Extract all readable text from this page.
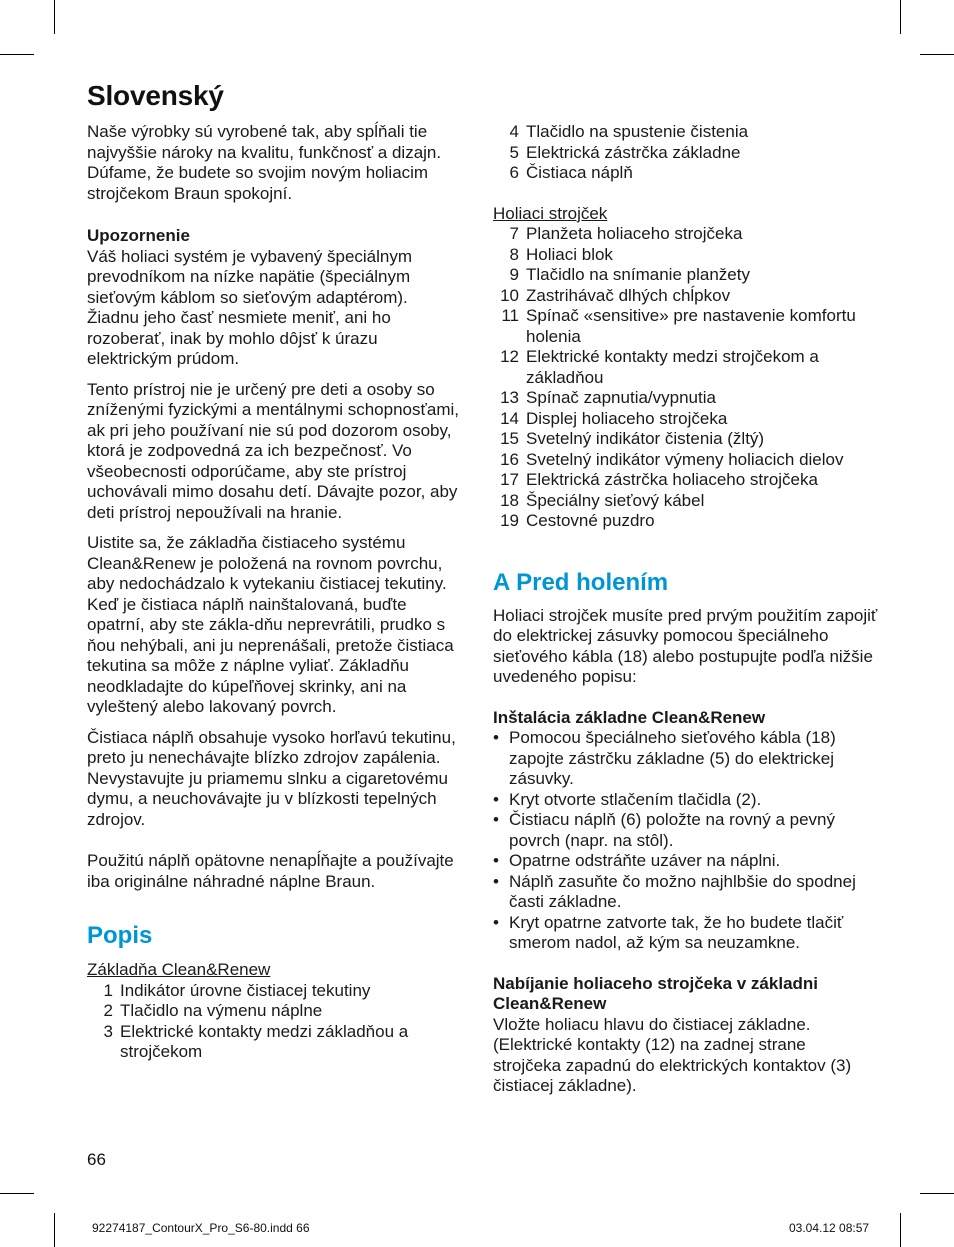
Slovenský

Naše výrobky sú vyrobené tak, aby spĺňali tie najvyššie nároky na kvalitu, funkčnosť a dizajn. Dúfame, že budete so svojim novým holiacim strojčekom Braun spokojní.

Upozornenie

Váš holiaci systém je vybavený špeciálnym prevodníkom na nízke napätie (špeciálnym sieťovým káblom so sieťovým adaptérom). Žiadnu jeho časť nesmiete meniť, ani ho rozoberať, inak by mohlo dôjsť k úrazu elektrickým prúdom.

Tento prístroj nie je určený pre deti a osoby so zníženými fyzickými a mentálnymi schopnosťami, ak pri jeho používaní nie sú pod dozorom osoby, ktorá je zodpovedná za ich bezpečnosť. Vo všeobecnosti odporúčame, aby ste prístroj uchovávali mimo dosahu detí. Dávajte pozor, aby deti prístroj nepoužívali na hranie.

Uistite sa, že základňa čistiaceho systému Clean&Renew je položená na rovnom povrchu, aby nedochádzalo k vytekaniu čistiacej tekutiny. Keď je čistiaca náplň nainštalovaná, buďte opatrní, aby ste zákla-dňu neprevrátili, prudko s ňou nehýbali, ani ju neprenášali, pretože čistiaca tekutina sa môže z náplne vyliať. Základňu neodkladajte do kúpeľňovej skrinky, ani na vyleštený alebo lakovaný povrch.

Čistiaca náplň obsahuje vysoko horľavú tekutinu, preto ju nenechávajte blízko zdrojov zapálenia. Nevystavujte ju priamemu slnku a cigaretovému dymu, a neuchovávajte ju v blízkosti tepelných zdrojov.

Použitú náplň opätovne nenapĺňajte a používajte iba originálne náhradné náplne Braun.

Popis
Základňa Clean&Renew
1 Indikátor úrovne čistiacej tekutiny
2 Tlačidlo na výmenu náplne
3 Elektrické kontakty medzi základňou a strojčekom
66
4 Tlačidlo na spustenie čistenia
5 Elektrická zástrčka základne
6 Čistiaca náplň
Holiaci strojček
7 Planžeta holiaceho strojčeka
8 Holiaci blok
9 Tlačidlo na snímanie planžety
10 Zastrihávač dlhých chĺpkov
11 Spínač «sensitive» pre nastavenie komfortu holenia
12 Elektrické kontakty medzi strojčekom a základňou
13 Spínač zapnutia/vypnutia
14 Displej holiaceho strojčeka
15 Svetelný indikátor čistenia (žltý)
16 Svetelný indikátor výmeny holiacich dielov
17 Elektrická zástrčka holiaceho strojčeka
18 Špeciálny sieťový kábel
19 Cestovné puzdro
A Pred holením

Holiaci strojček musíte pred prvým použitím zapojiť do elektrickej zásuvky pomocou špeciálneho sieťového kábla (18) alebo postupujte podľa nižšie uvedeného popisu:

Inštalácia základne Clean&Renew

• Pomocou špeciálneho sieťového kábla (18) zapojte zástrčku základne (5) do elektrickej zásuvky.
• Kryt otvorte stlačením tlačidla (2).
• Čistiacu náplň (6) položte na rovný a pevný povrch (napr. na stôl).
• Opatrne odstráňte uzáver na náplni.
• Náplň zasuňte čo možno najhlbšie do spodnej časti základne.
• Kryt opatrne zatvorte tak, že ho budete tlačiť smerom nadol, až kým sa neuzamkne.

Nabíjanie holiaceho strojčeka v základni Clean&Renew

Vložte holiacu hlavu do čistiacej základne. (Elektrické kontakty (12) na zadnej strane strojčeka zapadnú do elektrických kontaktov (3) čistiacej základne).

92274187_ContourX_Pro_S6-80.indd 66	03.04.12 08:57
